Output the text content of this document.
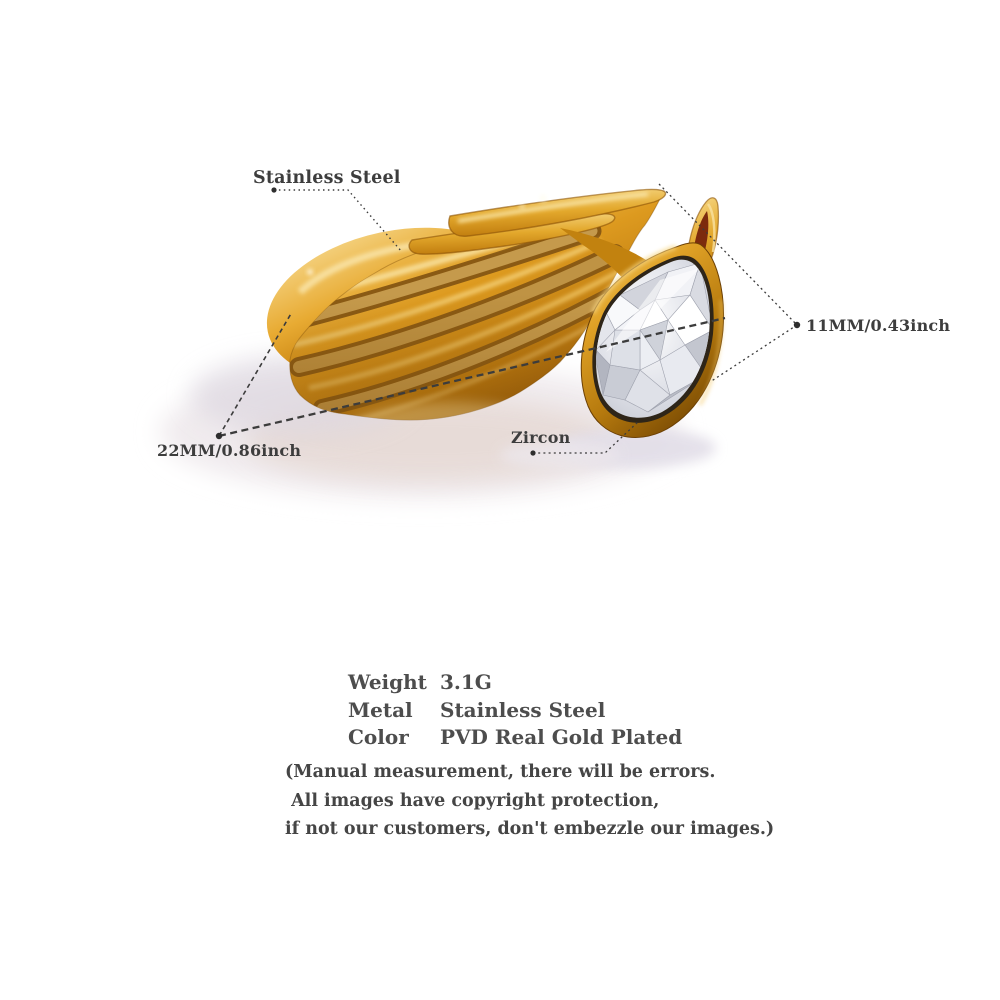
Stainless Steel
11MM/0.43inch
22MM/0.86inch
Zircon
Weight 3.1G
Metal	Stainless Steel
Color	PVD Real Gold Plated
(Manual measurement, there will be errors.
All images have copyright protection,
if not our customers, don't embezzle our images.)
